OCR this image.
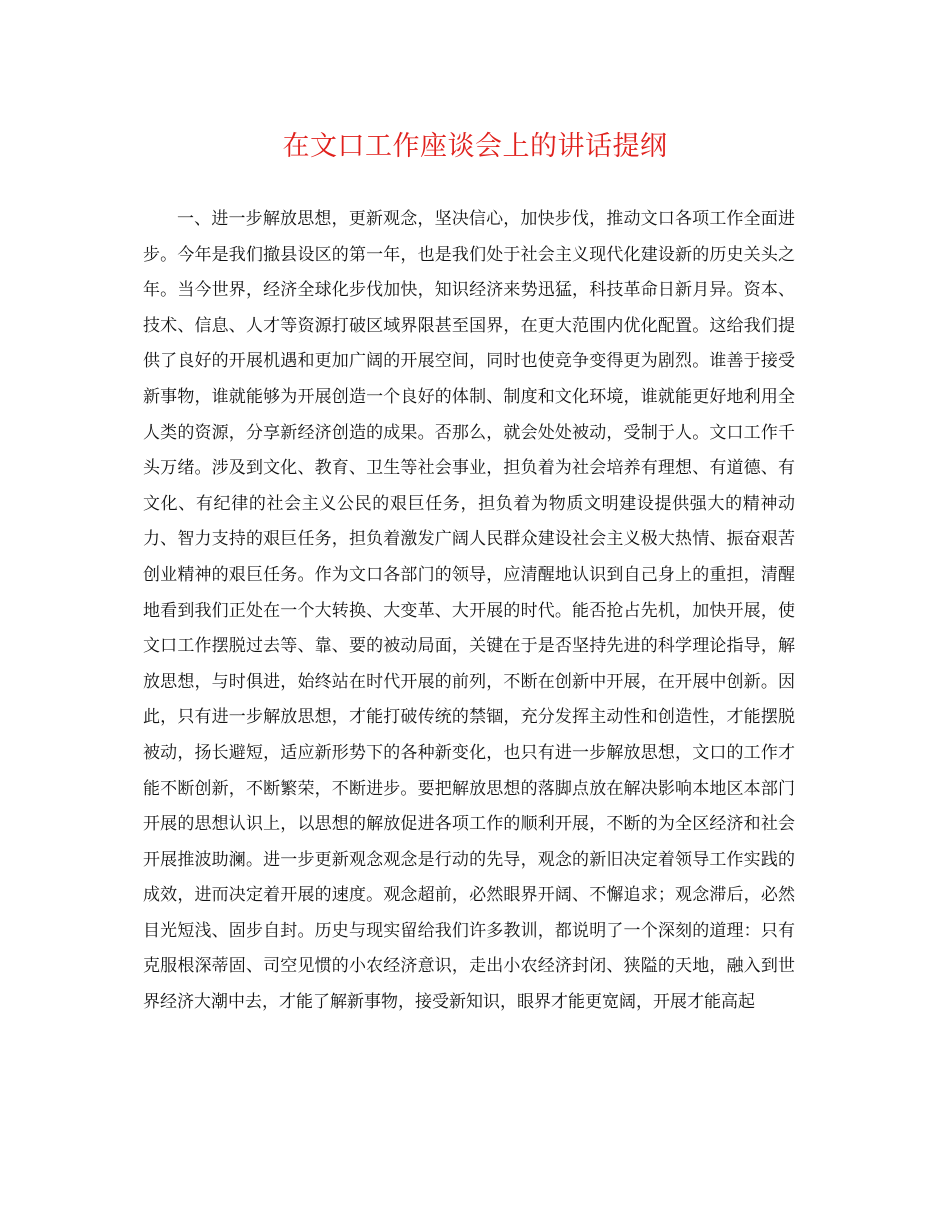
在文口工作座谈会上的讲话提纲

一、进一步解放思想，更新观念，坚决信心，加快步伐，推动文口各项工作全面进步。今年是我们撤县设区的第一年，也是我们处于社会主义现代化建设新的历史关头之年。当今世界，经济全球化步伐加快，知识经济来势迅猛，科技革命日新月异。资本、技术、信息、人才等资源打破区域界限甚至国界，在更大范围内优化配置。这给我们提供了良好的开展机遇和更加广阔的开展空间，同时也使竞争变得更为剧烈。谁善于接受新事物，谁就能够为开展创造一个良好的体制、制度和文化环境，谁就能更好地利用全人类的资源，分享新经济创造的成果。否那么，就会处处被动，受制于人。文口工作千头万绪。涉及到文化、教育、卫生等社会事业，担负着为社会培养有理想、有道德、有文化、有纪律的社会主义公民的艰巨任务，担负着为物质文明建设提供强大的精神动力、智力支持的艰巨任务，担负着激发广阔人民群众建设社会主义极大热情、振奋艰苦创业精神的艰巨任务。作为文口各部门的领导，应清醒地认识到自己身上的重担，清醒地看到我们正处在一个大转换、大变革、大开展的时代。能否抢占先机，加快开展，使文口工作摆脱过去等、靠、要的被动局面，关键在于是否坚持先进的科学理论指导，解放思想，与时俱进，始终站在时代开展的前列，不断在创新中开展，在开展中创新。因此，只有进一步解放思想，才能打破传统的禁锢，充分发挥主动性和创造性，才能摆脱被动，扬长避短，适应新形势下的各种新变化，也只有进一步解放思想，文口的工作才能不断创新，不断繁荣，不断进步。要把解放思想的落脚点放在解决影响本地区本部门开展的思想认识上，以思想的解放促进各项工作的顺利开展，不断的为全区经济和社会开展推波助澜。进一步更新观念观念是行动的先导，观念的新旧决定着领导工作实践的成效，进而决定着开展的速度。观念超前，必然眼界开阔、不懈追求；观念滞后，必然目光短浅、固步自封。历史与现实留给我们许多教训，都说明了一个深刻的道理：只有克服根深蒂固、司空见惯的小农经济意识，走出小农经济封闭、狭隘的天地，融入到世界经济大潮中去，才能了解新事物，接受新知识，眼界才能更宽阔，开展才能高起
